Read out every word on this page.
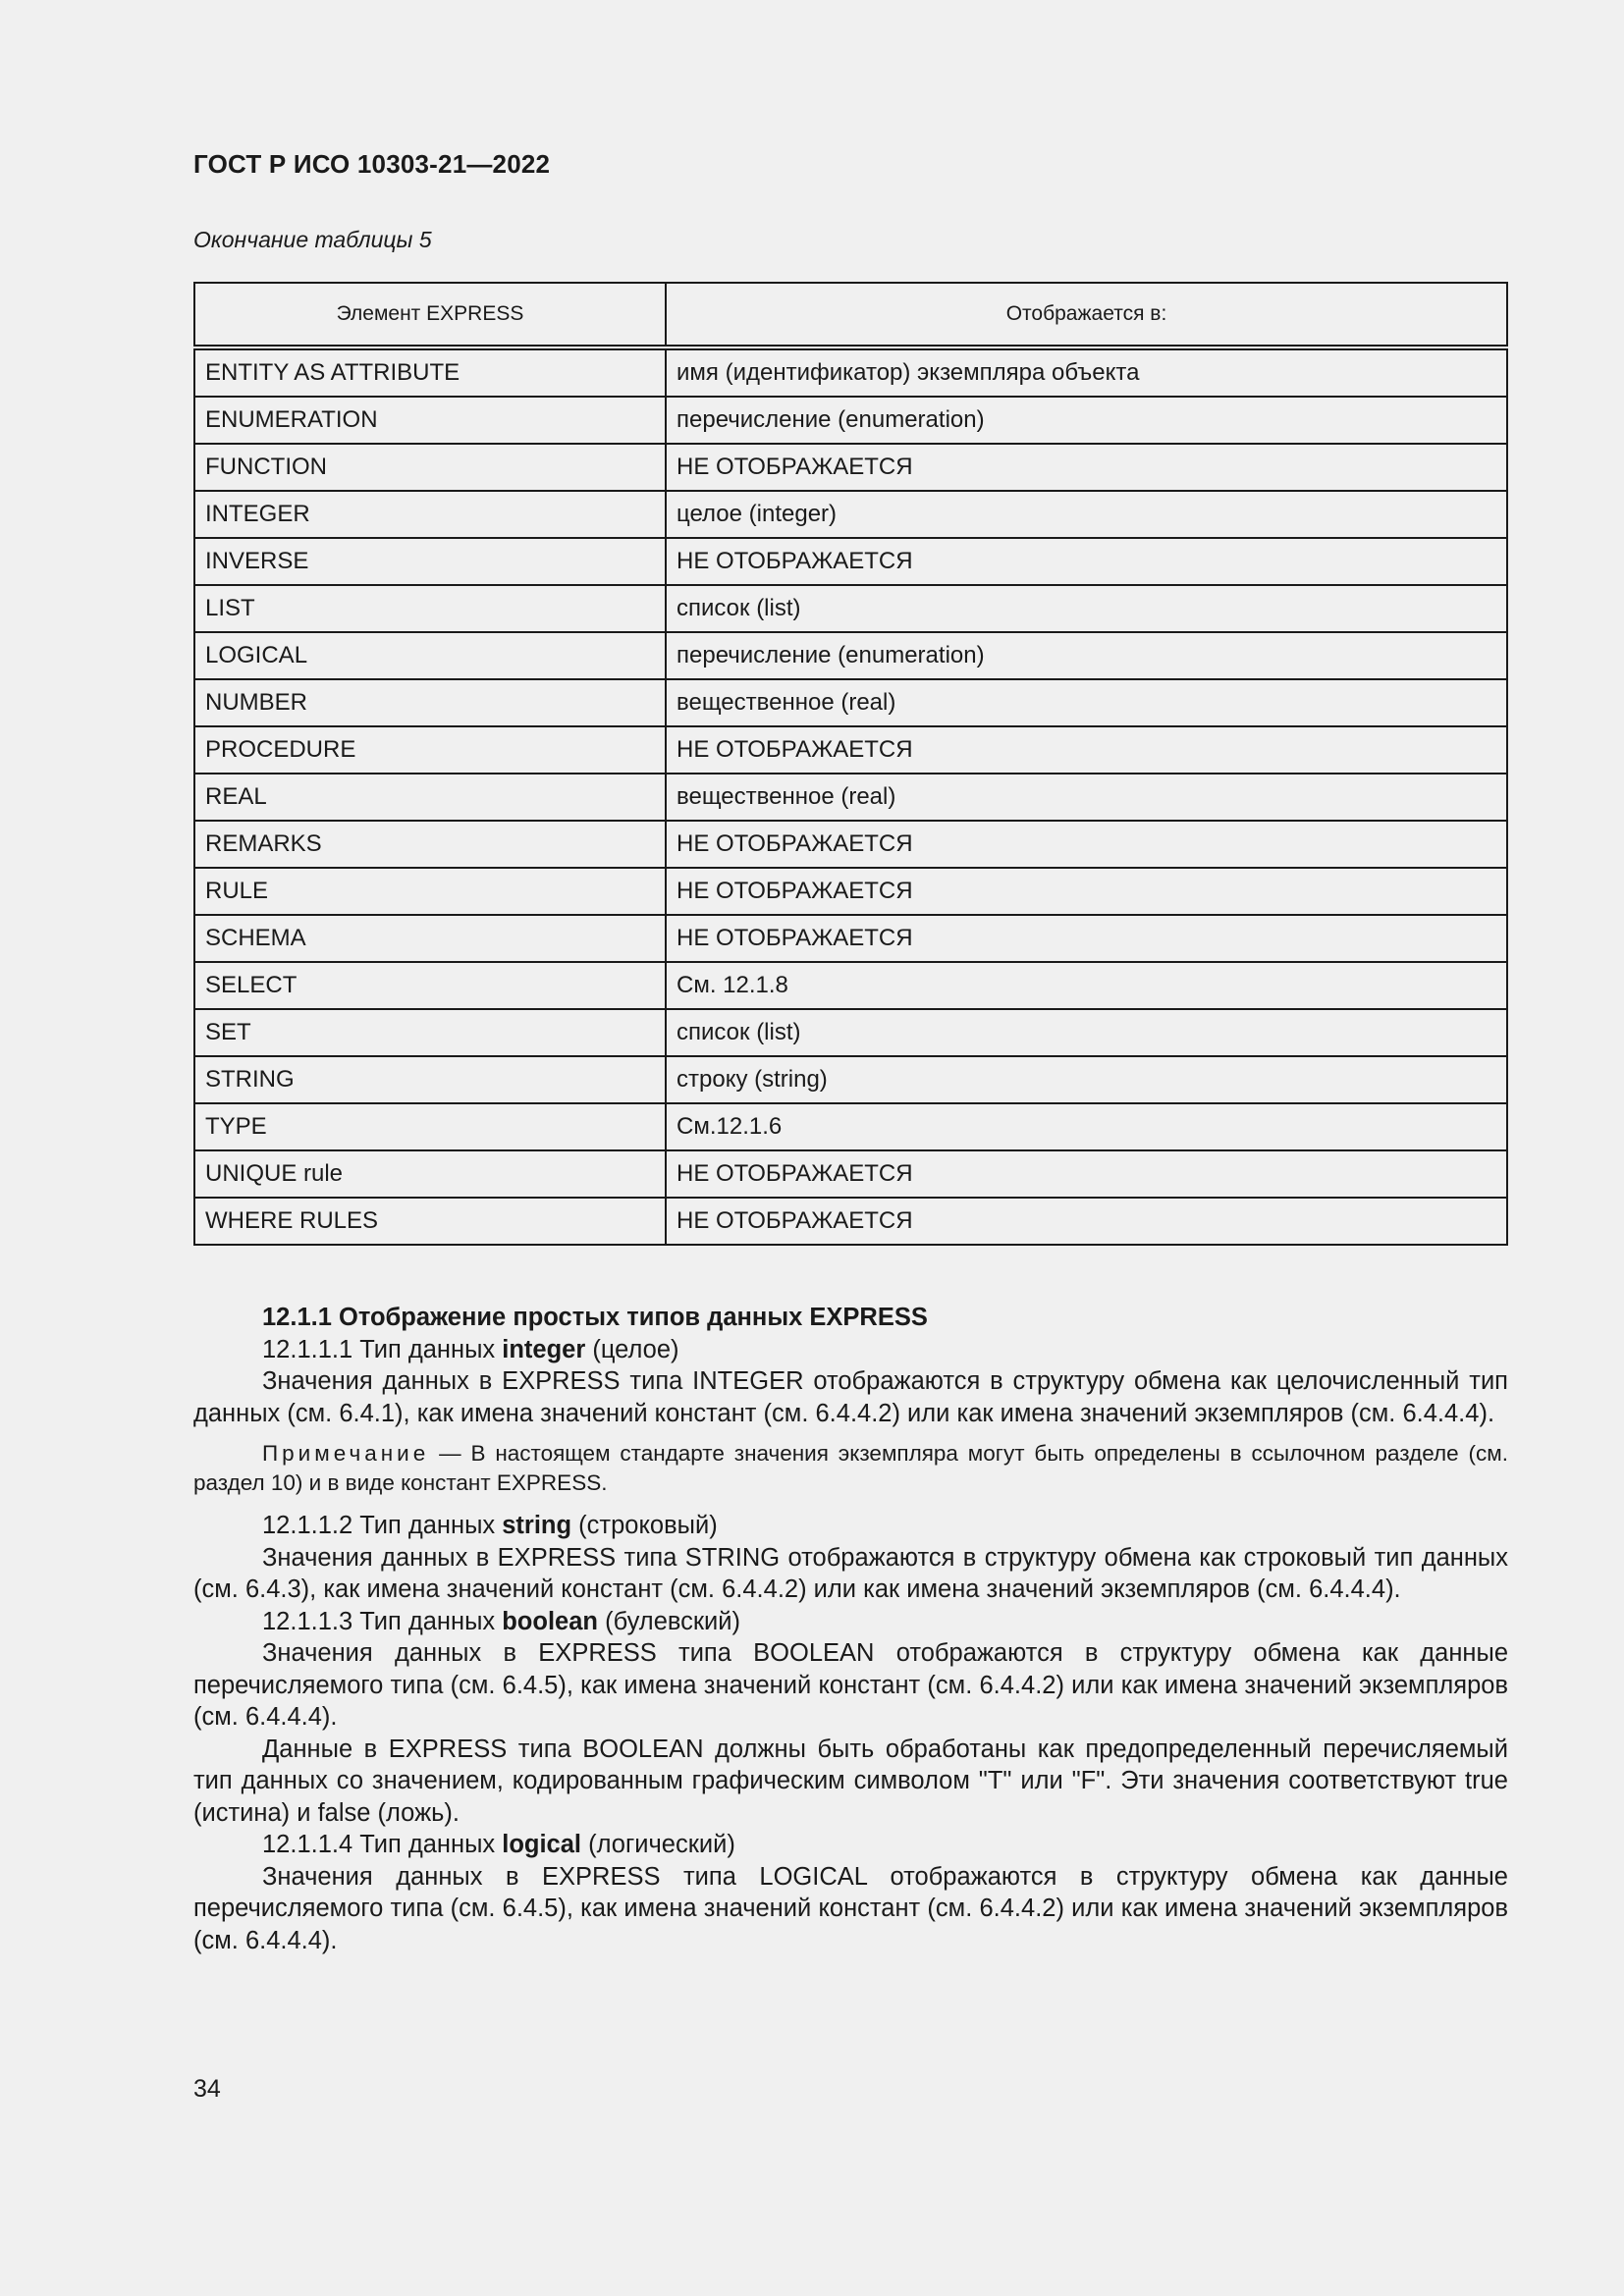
ГОСТ Р ИСО 10303-21—2022
Окончание таблицы 5
Элемент EXPRESS	Отображается в:
ENTITY AS ATTRIBUTE	имя (идентификатор) экземпляра объекта
ENUMERATION	перечисление (enumeration)
FUNCTION	НЕ ОТОБРАЖАЕТСЯ
INTEGER	целое (integer)
INVERSE	НЕ ОТОБРАЖАЕТСЯ
LIST	список (list)
LOGICAL	перечисление (enumeration)
NUMBER	вещественное (real)
PROCEDURE	НЕ ОТОБРАЖАЕТСЯ
REAL	вещественное (real)
REMARKS	НЕ ОТОБРАЖАЕТСЯ
RULE	НЕ ОТОБРАЖАЕТСЯ
SCHEMA	НЕ ОТОБРАЖАЕТСЯ
SELECT	См. 12.1.8
SET	список (list)
STRING	строку (string)
TYPE	См.12.1.6
UNIQUE rule	НЕ ОТОБРАЖАЕТСЯ
WHERE RULES	НЕ ОТОБРАЖАЕТСЯ

12.1.1 Отображение простых типов данных EXPRESS

12.1.1.1 Тип данных integer (целое)

Значения данных в EXPRESS типа INTEGER отображаются в структуру обмена как целочисленный тип данных (см. 6.4.1), как имена значений констант (см. 6.4.4.2) или как имена значений экземпляров (см. 6.4.4.4).

Примечание — В настоящем стандарте значения экземпляра могут быть определены в ссылочном разделе (см. раздел 10) и в виде констант EXPRESS.

12.1.1.2 Тип данных string (строковый)

Значения данных в EXPRESS типа STRING отображаются в структуру обмена как строковый тип данных (см. 6.4.3), как имена значений констант (см. 6.4.4.2) или как имена значений экземпляров (см. 6.4.4.4).

12.1.1.3 Тип данных boolean (булевский)

Значения данных в EXPRESS типа BOOLEAN отображаются в структуру обмена как данные перечисляемого типа (см. 6.4.5), как имена значений констант (см. 6.4.4.2) или как имена значений экземпляров (см. 6.4.4.4).

Данные в EXPRESS типа BOOLEAN должны быть обработаны как предопределенный перечисляемый тип данных со значением, кодированным графическим символом "T" или "F". Эти значения соответствуют true (истина) и false (ложь).

12.1.1.4 Тип данных logical (логический)

Значения данных в EXPRESS типа LOGICAL отображаются в структуру обмена как данные перечисляемого типа (см. 6.4.5), как имена значений констант (см. 6.4.4.2) или как имена значений экземпляров (см. 6.4.4.4).

34
